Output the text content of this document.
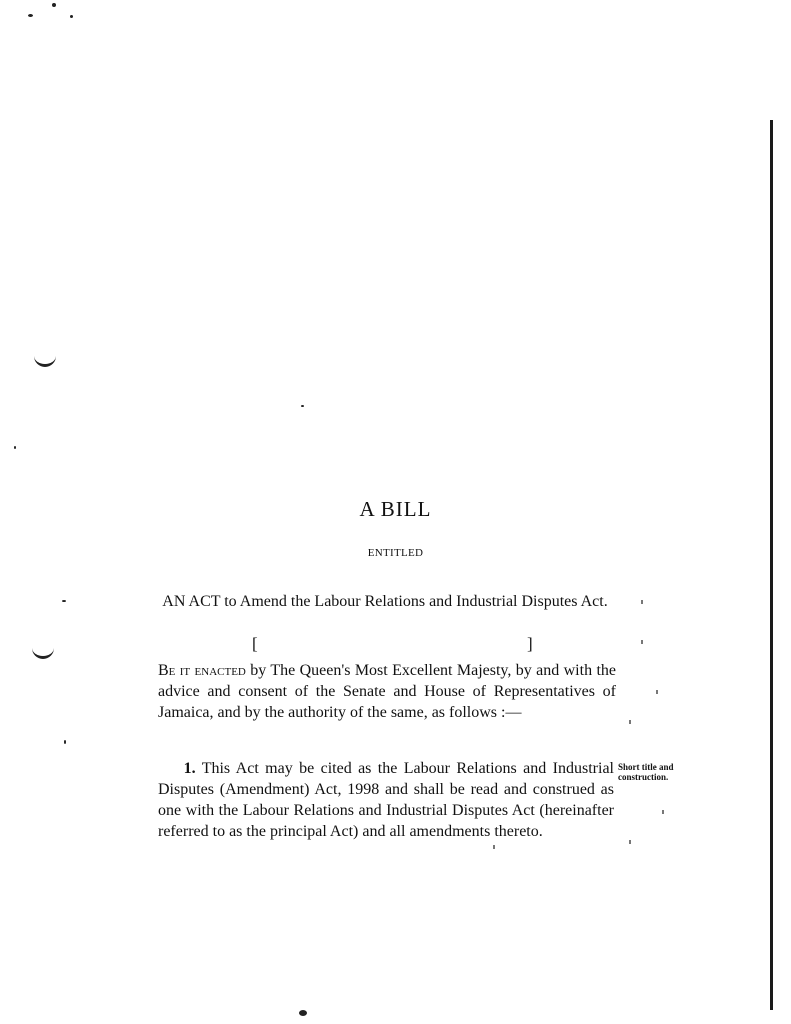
A BILL
ENTITLED
AN ACT to Amend the Labour Relations and Industrial Disputes Act.
[	]
Be it enacted by The Queen's Most Excellent Majesty, by and with the advice and consent of the Senate and House of Representatives of Jamaica, and by the authority of the same, as follows :—
1. This Act may be cited as the Labour Relations and Industrial Disputes (Amendment) Act, 1998 and shall be read and construed as one with the Labour Relations and Industrial Disputes Act (hereinafter referred to as the principal Act) and all amendments thereto.
Short title and construction.
